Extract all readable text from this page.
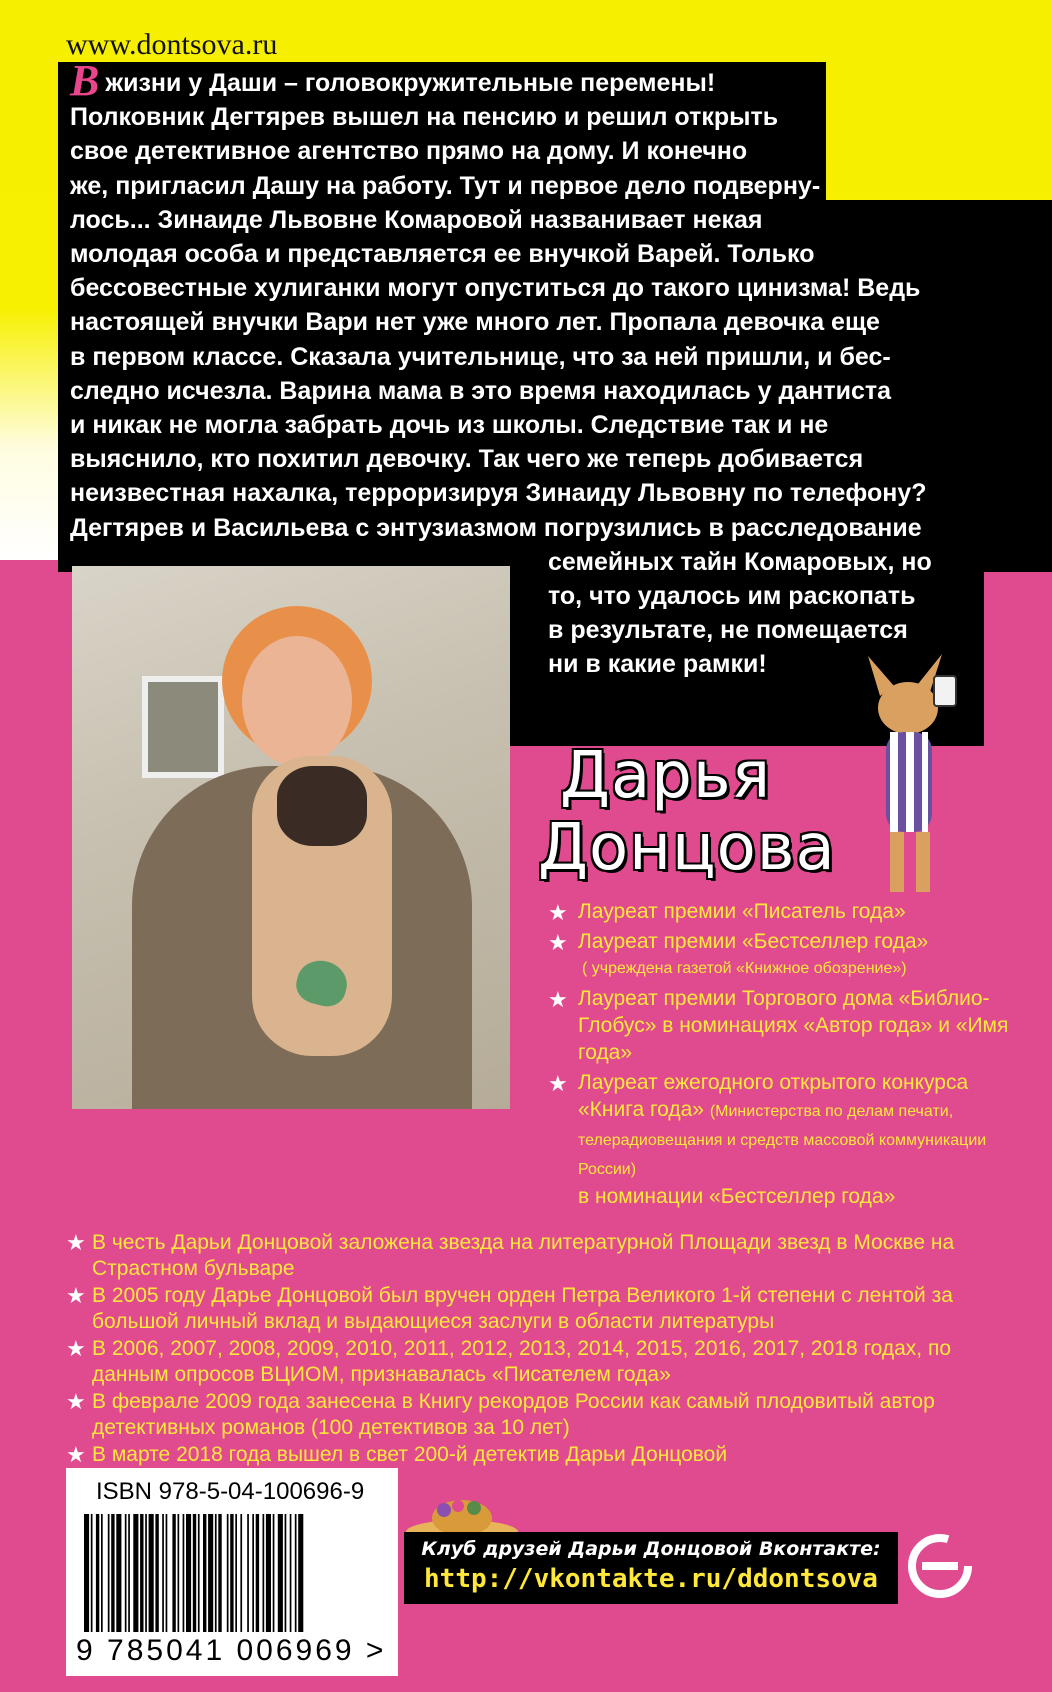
www.dontsova.ru
Вжизни у Даши – головокружительные перемены!
Полковник Дегтярев вышел на пенсию и решил открыть
свое детективное агентство прямо на дому. И конечно
же, пригласил Дашу на работу. Тут и первое дело подверну-
лось... Зинаиде Львовне Комаровой названивает некая
молодая особа и представляется ее внучкой Варей. Только
бессовестные хулиганки могут опуститься до такого цинизма! Ведь
настоящей внучки Вари нет уже много лет. Пропала девочка еще
в первом классе. Сказала учительнице, что за ней пришли, и бес-
следно исчезла. Варина мама в это время находилась у дантиста
и никак не могла забрать дочь из школы. Следствие так и не
выяснило, кто похитил девочку. Так чего же теперь добивается
неизвестная нахалка, терроризируя Зинаиду Львовну по телефону?
Дегтярев и Васильева с энтузиазмом погрузились в расследование
семейных тайн Комаровых, но
то, что удалось им раскопать
в результате, не помещается
ни в какие рамки!
Дарья
Донцова
★ Лауреат премии «Писатель года»
★ Лауреат премии «Бестселлер года»
( учреждена газетой «Книжное обозрение»)
★ Лауреат премии Торгового дома «Библио-Глобус» в номинациях «Автор года» и «Имя года»
★ Лауреат ежегодного открытого конкурса «Книга года» (Министерства по делам печати, телерадиовещания и средств массовой коммуникации России)
в номинации «Бестселлер года»
★ В честь Дарьи Донцовой заложена звезда на литературной Площади звезд в Москве на Страстном бульваре
★ В 2005 году Дарье Донцовой был вручен орден Петра Великого 1-й степени с лентой за большой личный вклад и выдающиеся заслуги в области литературы
★ В 2006, 2007, 2008, 2009, 2010, 2011, 2012, 2013, 2014, 2015, 2016, 2017, 2018 годах, по данным опросов ВЦИОМ, признавалась «Писателем года»
★ В феврале 2009 года занесена в Книгу рекордов России как самый плодовитый автор детективных романов (100 детективов за 10 лет)
★ В марте 2018 года вышел в свет 200-й детектив Дарьи Донцовой
ISBN 978-5-04-100696-9
9 785041 006969 >
Клуб друзей Дарьи Донцовой Вконтакте:
http://vkontakte.ru/ddontsova
